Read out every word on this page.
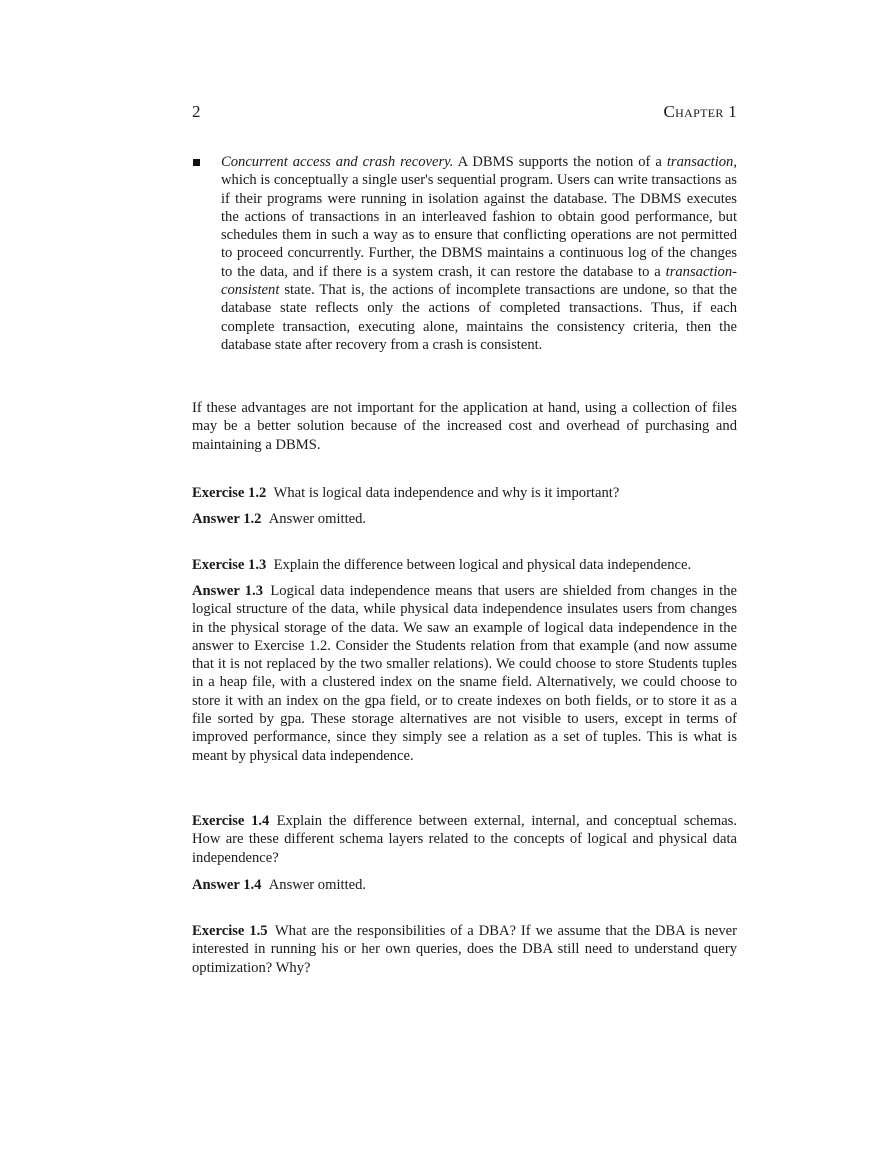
2	Chapter 1
Concurrent access and crash recovery. A DBMS supports the notion of a transaction, which is conceptually a single user's sequential program. Users can write transactions as if their programs were running in isolation against the database. The DBMS executes the actions of transactions in an interleaved fashion to obtain good performance, but schedules them in such a way as to ensure that conflicting operations are not permitted to proceed concurrently. Further, the DBMS maintains a continuous log of the changes to the data, and if there is a system crash, it can restore the database to a transaction-consistent state. That is, the actions of incomplete transactions are undone, so that the database state reflects only the actions of completed transactions. Thus, if each complete transaction, executing alone, maintains the consistency criteria, then the database state after recovery from a crash is consistent.

If these advantages are not important for the application at hand, using a collection of files may be a better solution because of the increased cost and overhead of purchasing and maintaining a DBMS.

Exercise 1.2  What is logical data independence and why is it important?

Answer 1.2  Answer omitted.

Exercise 1.3  Explain the difference between logical and physical data independence.

Answer 1.3  Logical data independence means that users are shielded from changes in the logical structure of the data, while physical data independence insulates users from changes in the physical storage of the data. We saw an example of logical data independence in the answer to Exercise 1.2. Consider the Students relation from that example (and now assume that it is not replaced by the two smaller relations). We could choose to store Students tuples in a heap file, with a clustered index on the sname field. Alternatively, we could choose to store it with an index on the gpa field, or to create indexes on both fields, or to store it as a file sorted by gpa. These storage alternatives are not visible to users, except in terms of improved performance, since they simply see a relation as a set of tuples. This is what is meant by physical data independence.

Exercise 1.4  Explain the difference between external, internal, and conceptual schemas. How are these different schema layers related to the concepts of logical and physical data independence?

Answer 1.4  Answer omitted.

Exercise 1.5  What are the responsibilities of a DBA? If we assume that the DBA is never interested in running his or her own queries, does the DBA still need to understand query optimization? Why?
